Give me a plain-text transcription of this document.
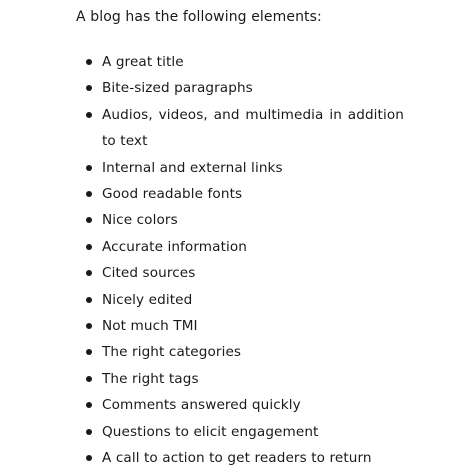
A blog has the following elements:

A great title
Bite-sized paragraphs
Audios, videos, and multimedia in addition to text
Internal and external links
Good readable fonts
Nice colors
Accurate information
Cited sources
Nicely edited
Not much TMI
The right categories
The right tags
Comments answered quickly
Questions to elicit engagement
A call to action to get readers to return
